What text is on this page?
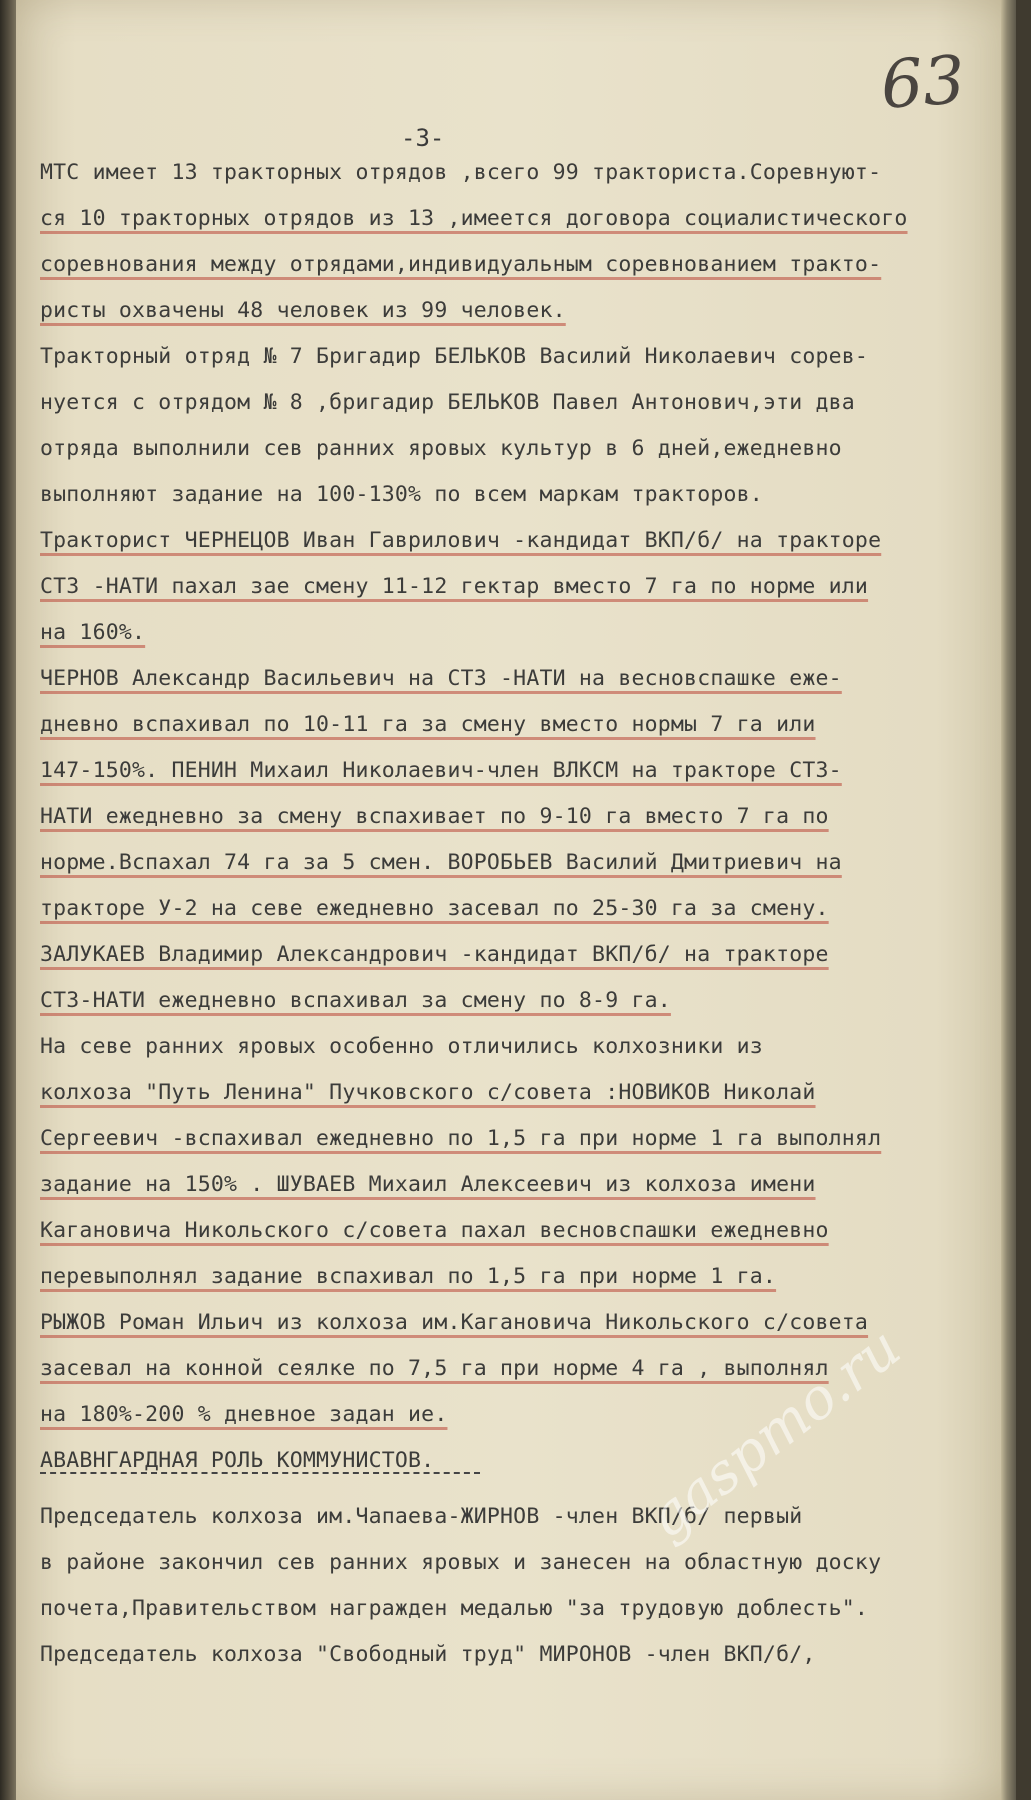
-3-
63
МТС имеет 13 тракторных отрядов ,всего 99 тракториста.Соревнуют-
ся 10 тракторных отрядов из 13 ,имеется договора социалистического
соревнования между отрядами,индивидуальным соревнованием тракто-
ристы охвачены 48 человек из 99 человек.
Тракторный отряд № 7 Бригадир БЕЛЬКОВ Василий Николаевич сорев-
нуется с отрядом № 8 ,бригадир БЕЛЬКОВ Павел Антонович,эти два
отряда выполнили сев ранних яровых культур в 6 дней,ежедневно
выполняют задание на 100-130% по всем маркам тракторов.
Тракторист ЧЕРНЕЦОВ Иван Гаврилович -кандидат ВКП/б/ на тракторе
СТЗ -НАТИ пахал зае смену 11-12 гектар вместо 7 га по норме или
на 160%.
ЧЕРНОВ Александр Васильевич на СТЗ -НАТИ на весновспашке еже-
дневно вспахивал по 10-11 га за смену вместо нормы 7 га или
147-150%. ПЕНИН Михаил Николаевич-член ВЛКСМ на тракторе СТЗ-
НАТИ ежедневно за смену вспахивает по 9-10 га вместо 7 га по
норме.Вспахал 74 га за 5 смен. ВОРОБЬЕВ Василий Дмитриевич на
тракторе У-2 на севе ежедневно засевал по 25-30 га за смену.
ЗАЛУКАЕВ Владимир Александрович -кандидат ВКП/б/ на тракторе
СТЗ-НАТИ ежедневно вспахивал за смену по 8-9 га.
На севе ранних яровых особенно отличились колхозники из
колхоза "Путь Ленина" Пучковского с/совета :НОВИКОВ Николай
Сергеевич -вспахивал ежедневно по 1,5 га при норме 1 га выполнял
задание на 150% . ШУВАЕВ Михаил Алексеевич из колхоза имени
Кагановича Никольского с/совета пахал весновспашки ежедневно
перевыполнял задание вспахивал по 1,5 га при норме 1 га.
РЫЖОВ Роман Ильич из колхоза им.Кагановича Никольского с/совета
засевал на конной сеялке по 7,5 га при норме 4 га , выполнял
на 180%-200 % дневное задан ие.
АВАВНГАРДНАЯ РОЛЬ КОММУНИСТОВ.
Председатель колхоза им.Чапаева-ЖИРНОВ -член ВКП/б/ первый
в районе закончил сев ранних яровых и занесен на областную доску
почета,Правительством награжден медалью "за трудовую доблесть".
Председатель колхоза "Свободный труд" МИРОНОВ -член ВКП/б/,
gaspmo.ru
